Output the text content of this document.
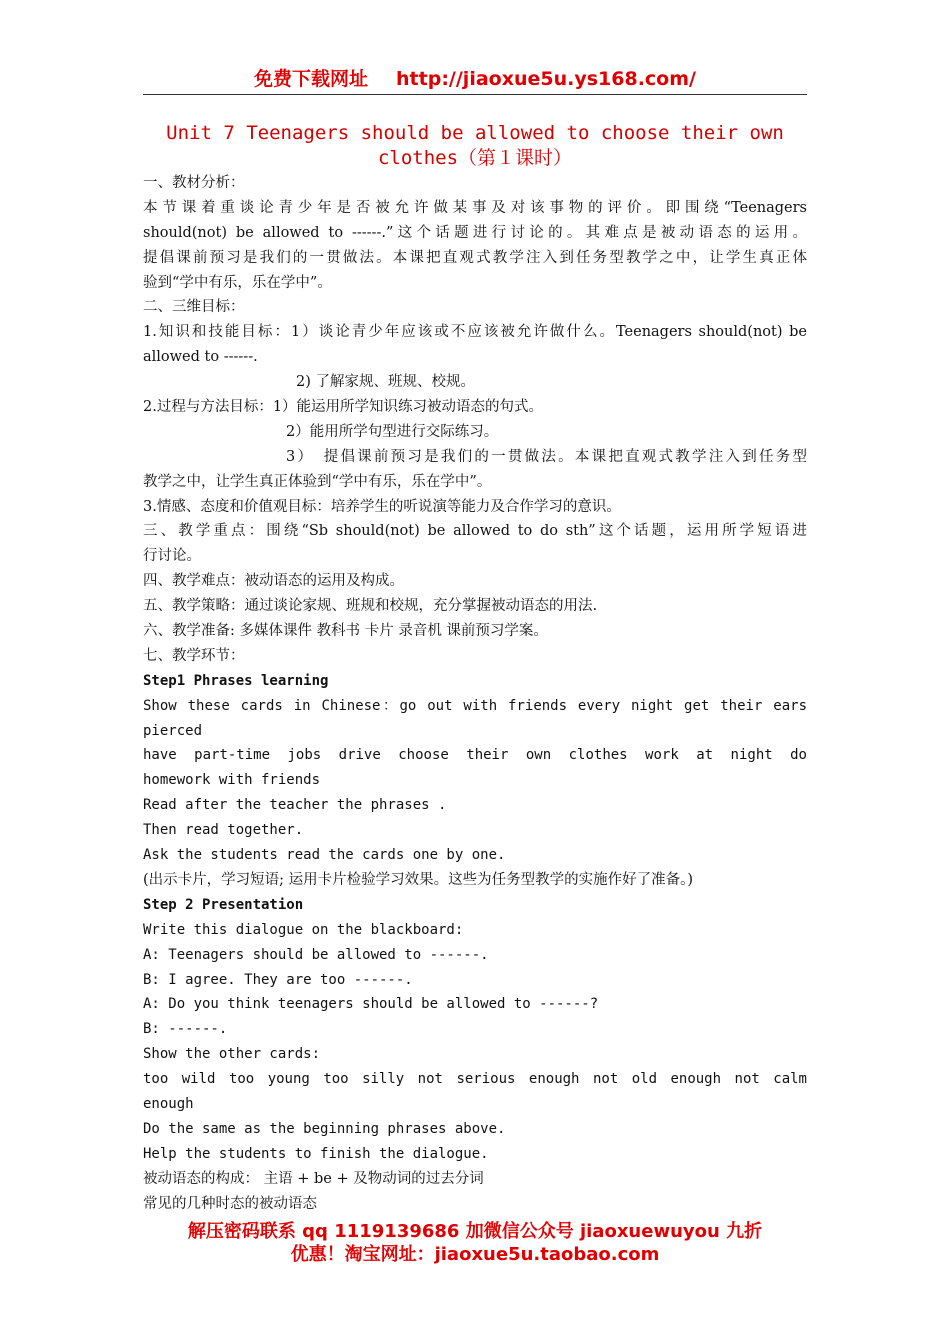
免费下载网址 http://jiaoxue5u.ys168.com/
Unit 7 Teenagers should be allowed to choose their own
clothes（第１课时）
一、教材分析：
本节课着重谈论青少年是否被允许做某事及对该事物的评价。即围绕“Teenagers
should(not) be allowed to ------.”这个话题进行讨论的。其难点是被动语态的运用。
提倡课前预习是我们的一贯做法。本课把直观式教学注入到任务型教学之中，让学生真正体
验到“学中有乐，乐在学中”。
二、三维目标：
1.知识和技能目标：1）谈论青少年应该或不应该被允许做什么。Teenagers should(not) be
allowed to ------.
2) 了解家规、班规、校规。
2.过程与方法目标：1）能运用所学知识练习被动语态的句式。
2）能用所学句型进行交际练习。
3）　提倡课前预习是我们的一贯做法。本课把直观式教学注入到任务型
教学之中，让学生真正体验到“学中有乐，乐在学中”。
3.情感、态度和价值观目标：培养学生的听说演等能力及合作学习的意识。
三、教学重点：围绕“Sb should(not) be allowed to do sth”这个话题，运用所学短语进
行讨论。
四、教学难点：被动语态的运用及构成。
五、教学策略：通过谈论家规、班规和校规，充分掌握被动语态的用法.
六、教学准备: 多媒体课件 教科书 卡片 录音机 课前预习学案。
七、教学环节：
Step1 Phrases learning
Show these cards in Chinese：go out with friends every night get their ears
pierced
have part-time jobs drive choose their own clothes work at night do
homework with friends
Read after the teacher the phrases .
Then read together.
Ask the students read the cards one by one.
(出示卡片，学习短语; 运用卡片检验学习效果。这些为任务型教学的实施作好了准备。)
Step 2 Presentation
Write this dialogue on the blackboard:
A: Teenagers should be allowed to ------.
B: I agree. They are too ------.
A: Do you think teenagers should be allowed to ------?
B: ------.
Show the other cards:
too wild too young too silly not serious enough not old enough not calm
enough
Do the same as the beginning phrases above.
Help the students to finish the dialogue.
被动语态的构成： 主语 + be + 及物动词的过去分词
常见的几种时态的被动语态
解压密码联系 qq 1119139686 加微信公众号 jiaoxuewuyou 九折
优惠！淘宝网址：jiaoxue5u.taobao.com
